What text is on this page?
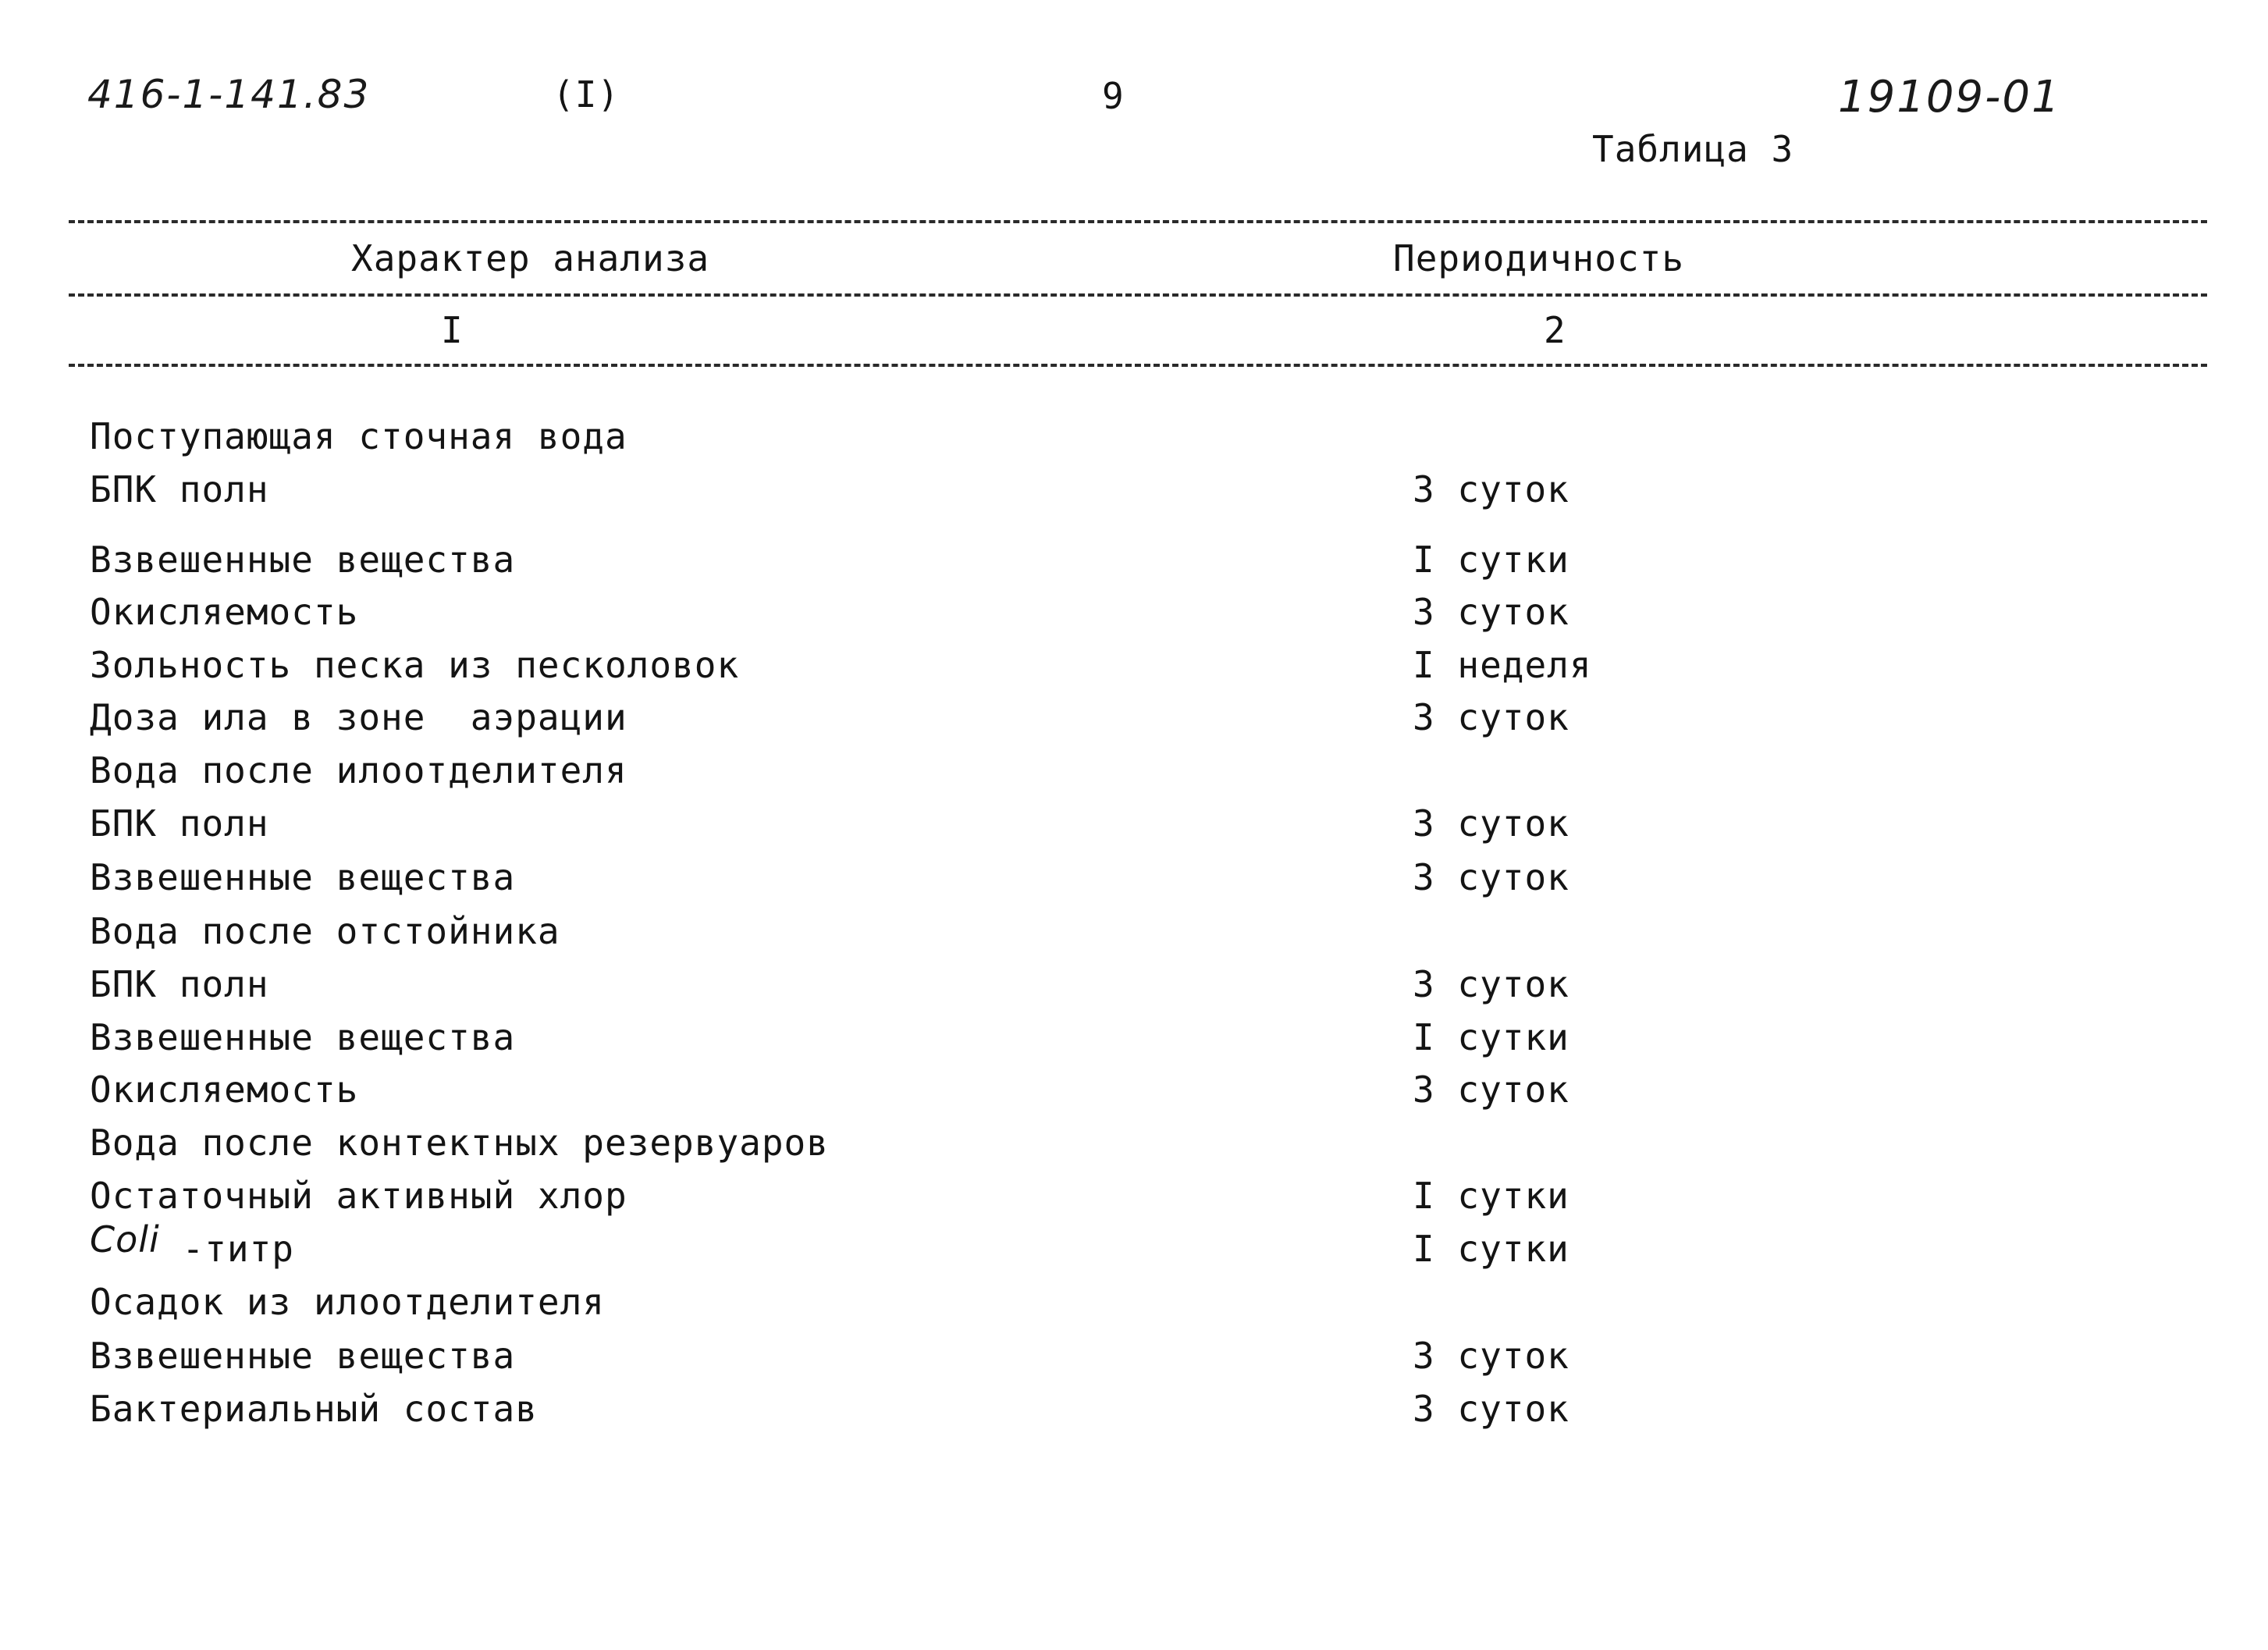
416-1-141.83	(I)	9	19109-01
Таблица 3
Характер анализа	Периодичность
I	2
Поступающая сточная вода
БПК полн	3 суток
Взвешенные вещества	I сутки
Окисляемость	3 суток
Зольность песка из песколовок	I неделя
Доза ила в зоне  аэрации	3 суток
Вода после илоотделителя
БПК полн	3 суток
Взвешенные вещества	3 суток
Вода после отстойника
БПК полн	3 суток
Взвешенные вещества	I сутки
Окисляемость	3 суток
Вода после контектных резервуаров
Остаточный активный хлор	I сутки
Coli -титр	I сутки
Осадок из илоотделителя
Взвешенные вещества	3 суток
Бактериальный состав	3 суток
